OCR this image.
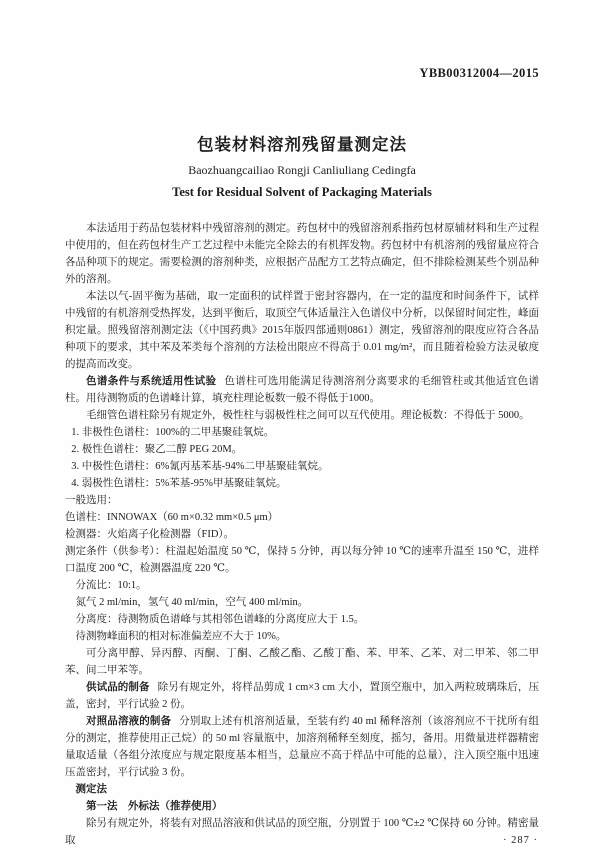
YBB00312004—2015
包装材料溶剂残留量测定法
Baozhuangcailiao Rongji Canliuliang Cedingfa
Test for Residual Solvent of Packaging Materials

本法适用于药品包装材料中残留溶剂的测定。药包材中的残留溶剂系指药包材原辅材料和生产过程中使用的，但在药包材生产工艺过程中未能完全除去的有机挥发物。药包材中有机溶剂的残留量应符合各品种项下的规定。需要检测的溶剂种类，应根据产品配方工艺特点确定，但不排除检测某些个别品种外的溶剂。

本法以气-固平衡为基础，取一定面积的试样置于密封容器内，在一定的温度和时间条件下，试样中残留的有机溶剂受热挥发，达到平衡后，取顶空气体适量注入色谱仪中分析，以保留时间定性，峰面积定量。照残留溶剂测定法（《中国药典》2015年版四部通则0861）测定，残留溶剂的限度应符合各品种项下的要求，其中苯及苯类每个溶剂的方法检出限应不得高于 0.01 mg/m²，而且随着检验方法灵敏度的提高而改变。

色谱条件与系统适用性试验 色谱柱可选用能满足待测溶剂分离要求的毛细管柱或其他适宜色谱柱。用待测物质的色谱峰计算，填充柱理论板数一般不得低于1000。

毛细管色谱柱除另有规定外，极性柱与弱极性柱之间可以互代使用。理论板数：不得低于 5000。

1. 非极性色谱柱：100%的二甲基聚硅氧烷。

2. 极性色谱柱：聚乙二醇 PEG 20M。

3. 中极性色谱柱：6%氰丙基苯基-94%二甲基聚硅氧烷。

4. 弱极性色谱柱：5%苯基-95%甲基聚硅氧烷。

一般选用：

色谱柱：INNOWAX（60 m×0.32 mm×0.5 μm）

检测器：火焰离子化检测器（FID）。

测定条件（供参考）：柱温起始温度 50 ℃，保持 5 分钟，再以每分钟 10 ℃的速率升温至 150 ℃，进样口温度 200 ℃，检测器温度 220 ℃。

分流比：10:1。

氮气 2 ml/min，氢气 40 ml/min，空气 400 ml/min。

分离度：待测物质色谱峰与其相邻色谱峰的分离度应大于 1.5。

待测物峰面积的相对标准偏差应不大于 10%。

可分离甲醇、异丙醇、丙酮、丁酮、乙酸乙酯、乙酸丁酯、苯、甲苯、乙苯、对二甲苯、邻二甲苯、间二甲苯等。

供试品的制备 除另有规定外，将样品剪成 1 cm×3 cm 大小，置顶空瓶中，加入两粒玻璃珠后，压盖，密封，平行试验 2 份。

对照品溶液的制备 分别取上述有机溶剂适量，至装有约 40 ml 稀释溶剂（该溶剂应不干扰所有组分的测定，推荐使用正己烷）的 50 ml 容量瓶中，加溶剂稀释至刻度，摇匀，备用。用微量进样器精密量取适量（各组分浓度应与规定限度基本相当，总量应不高于样品中可能的总量），注入顶空瓶中迅速压盖密封，平行试验 3 份。

测定法

第一法　外标法（推荐使用）

除另有规定外，将装有对照品溶液和供试品的顶空瓶，分别置于 100 ℃±2 ℃保持 60 分钟。精密量取	· 287 ·
